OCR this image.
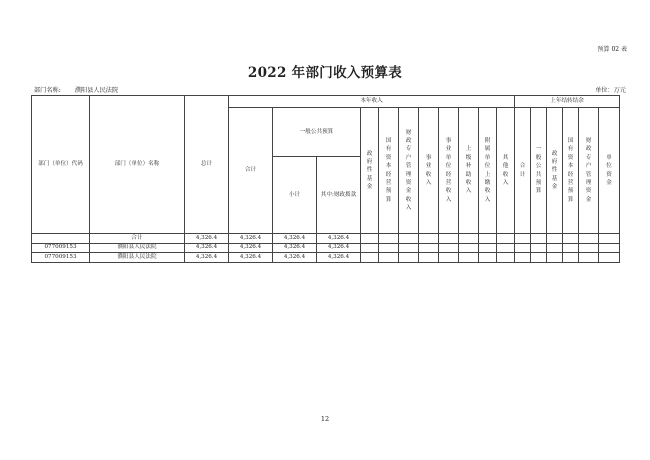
预算 02 表
2022 年部门收入预算表
部门名称: 濮阳县人民法院	单位：万元
部门（单位）代码	部门（单位）名称	总计	本年收入											上年结转结余					
			合计	一般公共预算		政府性基金	国有资本经营预算	财政专户管理资金收入	事业收入	事业单位经营收入	上级补助收入	附属单位上缴收入	其他收入	合计	一般公共预算	政府性基金	国有资本经营预算	财政专户管理资金	单位资金
				小计	其中:财政拨款														
	合计	4,326.4	4,326.4	4,326.4	4,326.4														
077009153	濮阳县人民法院	4,326.4	4,326.4	4,326.4	4,326.4														
077009153	濮阳县人民法院	4,326.4	4,326.4	4,326.4	4,326.4														
12
